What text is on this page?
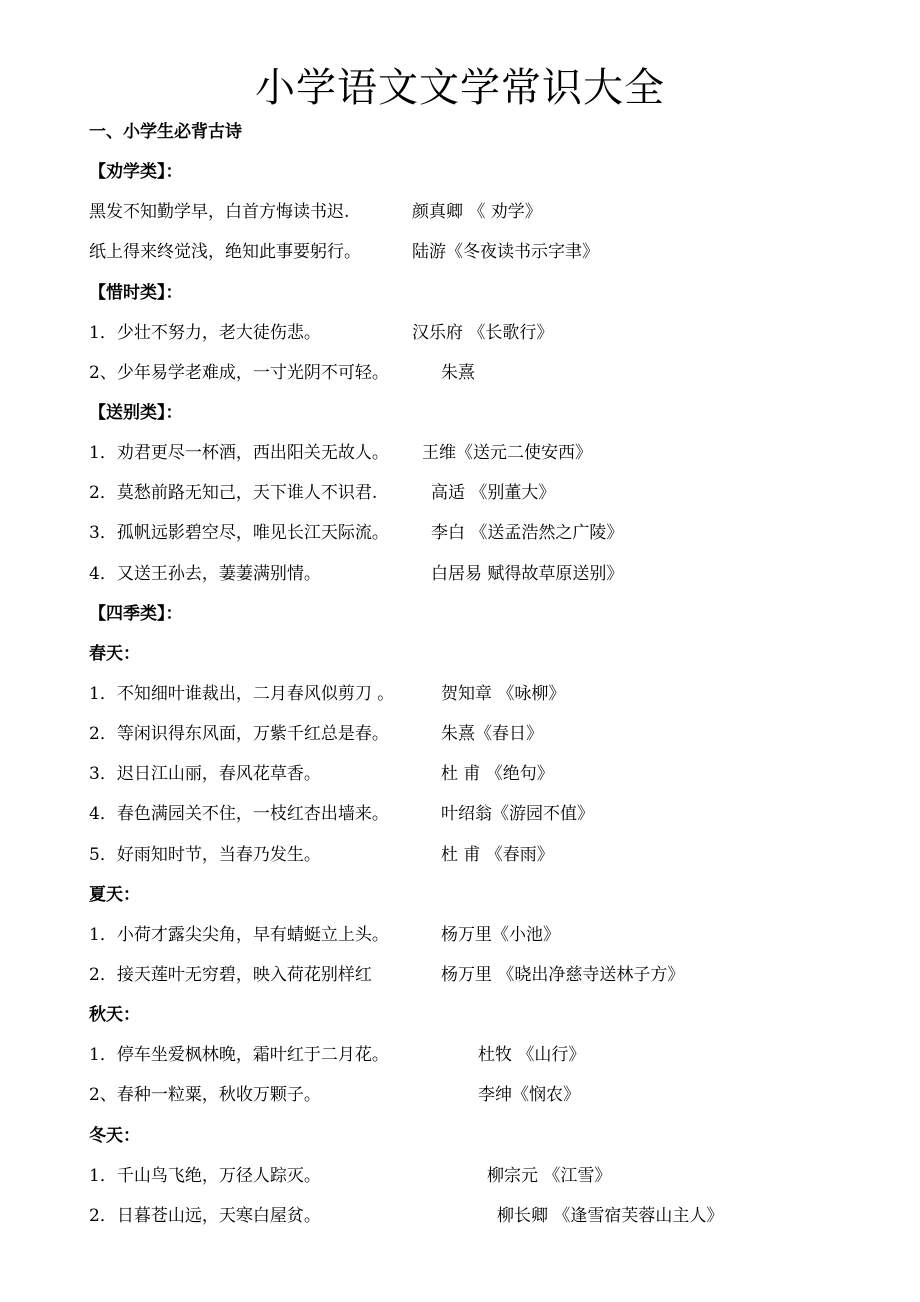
小学语文文学常识大全
一、小学生必背古诗
【劝学类】：
黑发不知勤学早，白首方悔读书迟.	颜真卿 《 劝学》
纸上得来终觉浅，绝知此事要躬行。	陆游《冬夜读书示字聿》
【惜时类】：
1．少壮不努力，老大徒伤悲。	汉乐府 《长歌行》
2、少年易学老难成，一寸光阴不可轻。	朱熹
【送别类】：
1．劝君更尽一杯酒，西出阳关无故人。 王维《送元二使安西》
2．莫愁前路无知己，天下谁人不识君.	高适 《别董大》
3．孤帆远影碧空尽，唯见长江天际流。 李白 《送孟浩然之广陵》
4．又送王孙去，萋萋满别情。	白居易 赋得故草原送别》
【四季类】：
春天：
1．不知细叶谁裁出，二月春风似剪刀 。	贺知章 《咏柳》
2．等闲识得东风面，万紫千红总是春。	朱熹《春日》
3．迟日江山丽，春风花草香。	杜 甫 《绝句》
4．春色满园关不住，一枝红杏出墙来。	叶绍翁《游园不值》
5．好雨知时节，当春乃发生。	杜 甫 《春雨》
夏天：
1．小荷才露尖尖角，早有蜻蜓立上头。	杨万里《小池》
2．接天莲叶无穷碧，映入荷花别样红	杨万里 《晓出净慈寺送林子方》
秋天：
1．停车坐爱枫林晚，霜叶红于二月花。	杜牧 《山行》
2、春种一粒粟，秋收万颗子。	李绅《悯农》
冬天：
1．千山鸟飞绝，万径人踪灭。	柳宗元 《江雪》
2．日暮苍山远，天寒白屋贫。	柳长卿 《逢雪宿芙蓉山主人》
